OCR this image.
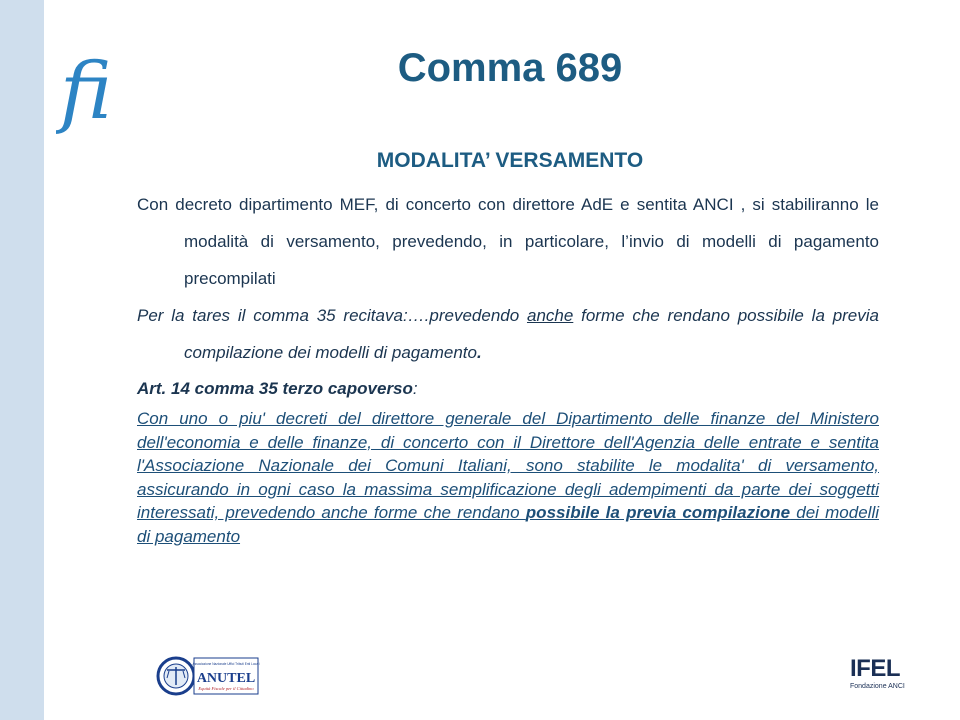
fi	Comma 689
MODALITA’ VERSAMENTO

Con decreto dipartimento MEF, di concerto con direttore AdE e sentita ANCI , si stabiliranno le modalità di versamento, prevedendo, in particolare, l’invio di modelli di pagamento precompilati

Per la tares il comma 35 recitava:….prevedendo anche forme che rendano possibile la previa compilazione dei modelli di pagamento.

Art. 14 comma 35 terzo capoverso:

Con uno o piu' decreti del direttore generale del Dipartimento delle finanze del Ministero dell'economia e delle finanze, di concerto con il Direttore dell'Agenzia delle entrate e sentita l'Associazione Nazionale dei Comuni Italiani, sono stabilite le modalita' di versamento, assicurando in ogni caso la massima semplificazione degli adempimenti da parte dei soggetti interessati, prevedendo anche forme che rendano possibile la previa compilazione dei modelli di pagamento

Associazione Nazionale Uffici Tributi Enti Locali
ANUTEL
Equità Fiscale per il Cittadino
IFEL
Fondazione ANCI
